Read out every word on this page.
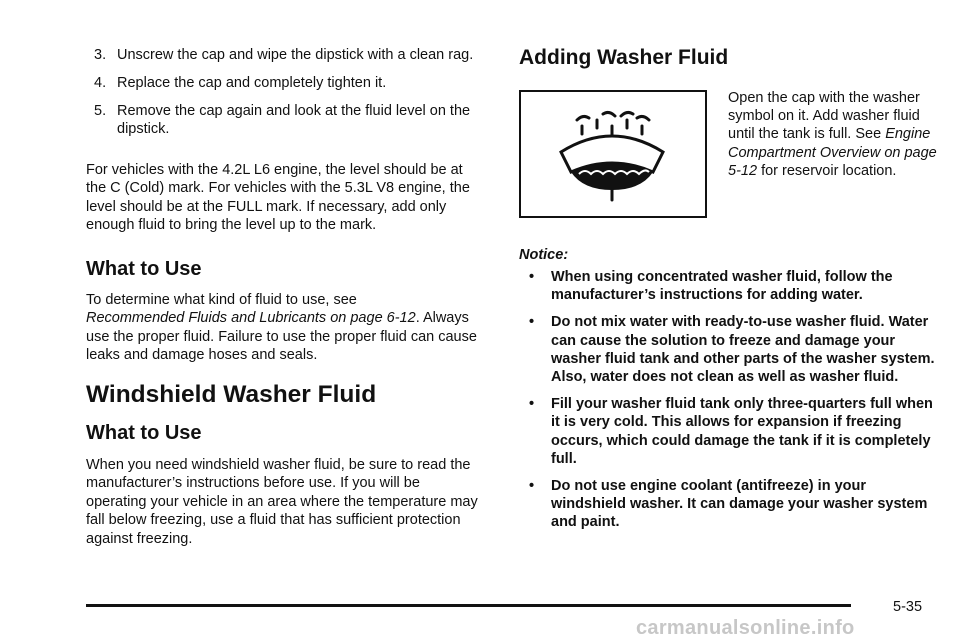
3. Unscrew the cap and wipe the dipstick with a clean rag.
4. Replace the cap and completely tighten it.
5. Remove the cap again and look at the fluid level on the dipstick.

For vehicles with the 4.2L L6 engine, the level should be at the C (Cold) mark. For vehicles with the 5.3L V8 engine, the level should be at the FULL mark. If necessary, add only enough fluid to bring the level up to the mark.

What to Use

To determine what kind of fluid to use, see
Recommended Fluids and Lubricants on page 6-12. Always use the proper fluid. Failure to use the proper fluid can cause leaks and damage hoses and seals.

Windshield Washer Fluid
What to Use

When you need windshield washer fluid, be sure to read the manufacturer’s instructions before use. If you will be operating your vehicle in an area where the temperature may fall below freezing, use a fluid that has sufficient protection against freezing.

Adding Washer Fluid

Open the cap with the washer symbol on it. Add washer fluid until the tank is full. See Engine Compartment Overview on page 5-12 for reservoir location.

Notice:
• When using concentrated washer fluid, follow the manufacturer’s instructions for adding water.
• Do not mix water with ready-to-use washer fluid. Water can cause the solution to freeze and damage your washer fluid tank and other parts of the washer system. Also, water does not clean as well as washer fluid.
• Fill your washer fluid tank only three-quarters full when it is very cold. This allows for expansion if freezing occurs, which could damage the tank if it is completely full.
• Do not use engine coolant (antifreeze) in your windshield washer. It can damage your washer system and paint.
5-35
carmanualsonline.info
